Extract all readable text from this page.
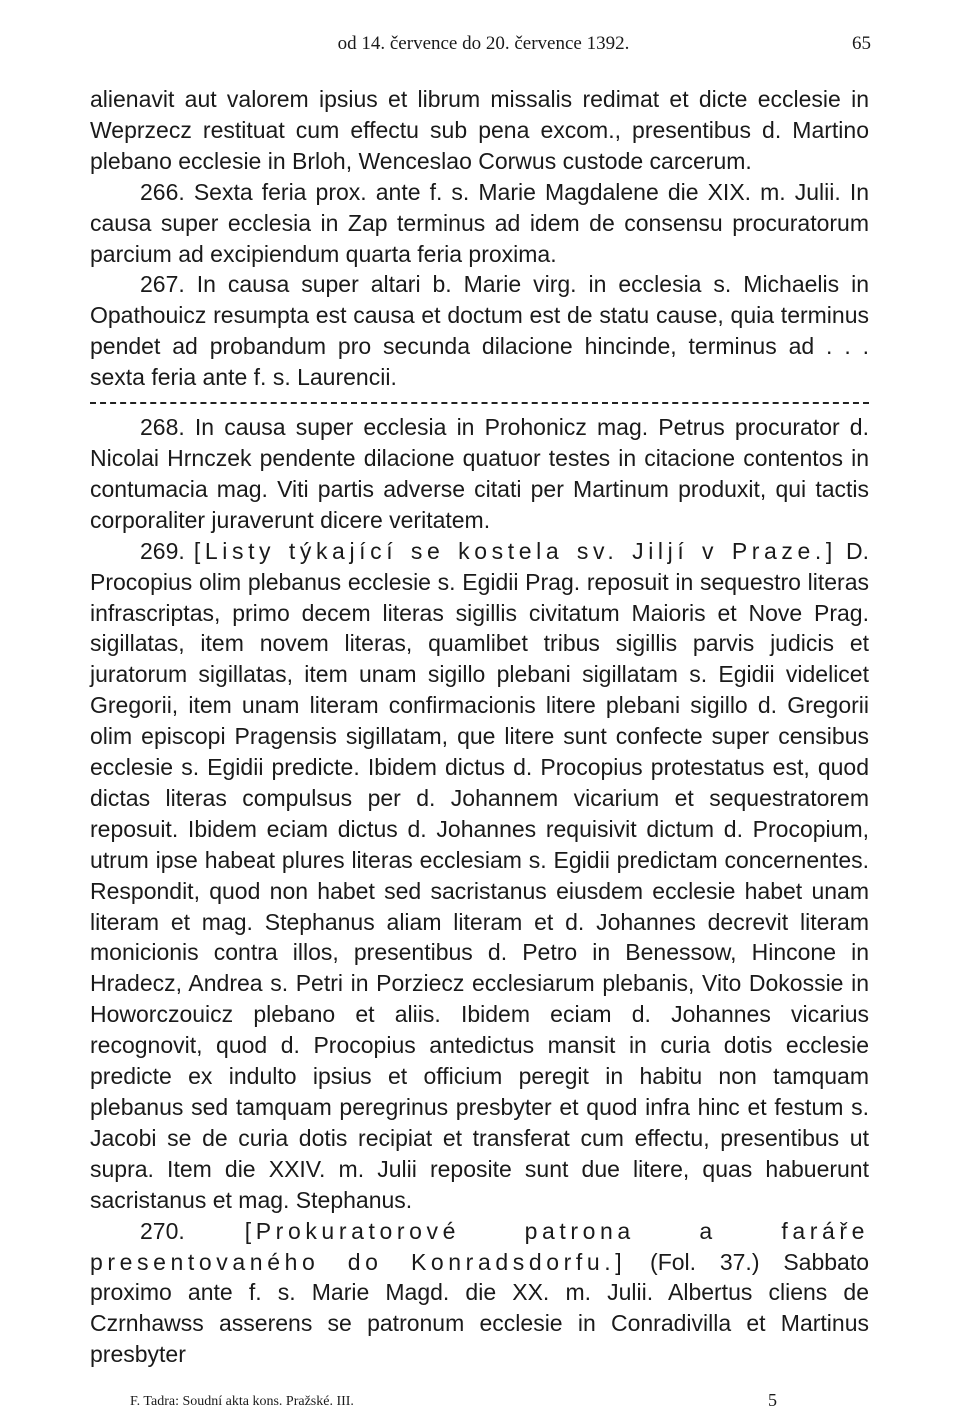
od 14. července do 20. července 1392.	65

alienavit aut valorem ipsius et librum missalis redimat et dicte ecclesie in Weprzecz restituat cum effectu sub pena excom., presentibus d. Martino plebano ecclesie in Brloh, Wenceslao Corwus custode carcerum.

266. Sexta feria prox. ante f. s. Marie Magdalene die XIX. m. Julii. In causa super ecclesia in Zap terminus ad idem de consensu procuratorum parcium ad excipiendum quarta feria proxima.

267. In causa super altari b. Marie virg. in ecclesia s. Michaelis in Opathouicz resumpta est causa et doctum est de statu cause, quia terminus pendet ad probandum pro secunda dilacione hincinde, terminus ad . . . sexta feria ante f. s. Laurencii.

268. In causa super ecclesia in Prohonicz mag. Petrus procurator d. Nicolai Hrnczek pendente dilacione quatuor testes in citacione contentos in contumacia mag. Viti partis adverse citati per Martinum produxit, qui tactis corporaliter juraverunt dicere veritatem.

269. [Listy týkající se kostela sv. Jiljí v Praze.] D. Procopius olim plebanus ecclesie s. Egidii Prag. reposuit in sequestro literas infrascriptas, primo decem literas sigillis civitatum Maioris et Nove Prag. sigillatas, item novem literas, quamlibet tribus sigillis parvis judicis et juratorum sigillatas, item unam sigillo plebani sigillatam s. Egidii videlicet Gregorii, item unam literam confirmacionis litere plebani sigillo d. Gregorii olim episcopi Pragensis sigillatam, que litere sunt confecte super censibus ecclesie s. Egidii predicte. Ibidem dictus d. Procopius protestatus est, quod dictas literas compulsus per d. Johannem vicarium et sequestratorem reposuit. Ibidem eciam dictus d. Johannes requisivit dictum d. Procopium, utrum ipse habeat plures literas ecclesiam s. Egidii predictam concernentes. Respondit, quod non habet sed sacristanus eiusdem ecclesie habet unam literam et mag. Stephanus aliam literam et d. Johannes decrevit literam monicionis contra illos, presentibus d. Petro in Benessow, Hincone in Hradecz, Andrea s. Petri in Porziecz ecclesiarum plebanis, Vito Dokossie in Howorczouicz plebano et aliis. Ibidem eciam d. Johannes vicarius recognovit, quod d. Procopius antedictus mansit in curia dotis ecclesie predicte ex indulto ipsius et officium peregit in habitu non tamquam plebanus sed tamquam peregrinus presbyter et quod infra hinc et festum s. Jacobi se de curia dotis recipiat et transferat cum effectu, presentibus ut supra. Item die XXIV. m. Julii reposite sunt due litere, quas habuerunt sacristanus et mag. Stephanus.

270.	[Prokuratorové patrona a faráře presentovaného do Konradsdorfu.] (Fol. 37.) Sabbato proximo ante f. s. Marie Magd. die XX. m. Julii. Albertus cliens de Czrnhawss asserens se patronum ecclesie in Conradivilla et Martinus presbyter

F. Tadra: Soudní akta kons. Pražské. III.	5
